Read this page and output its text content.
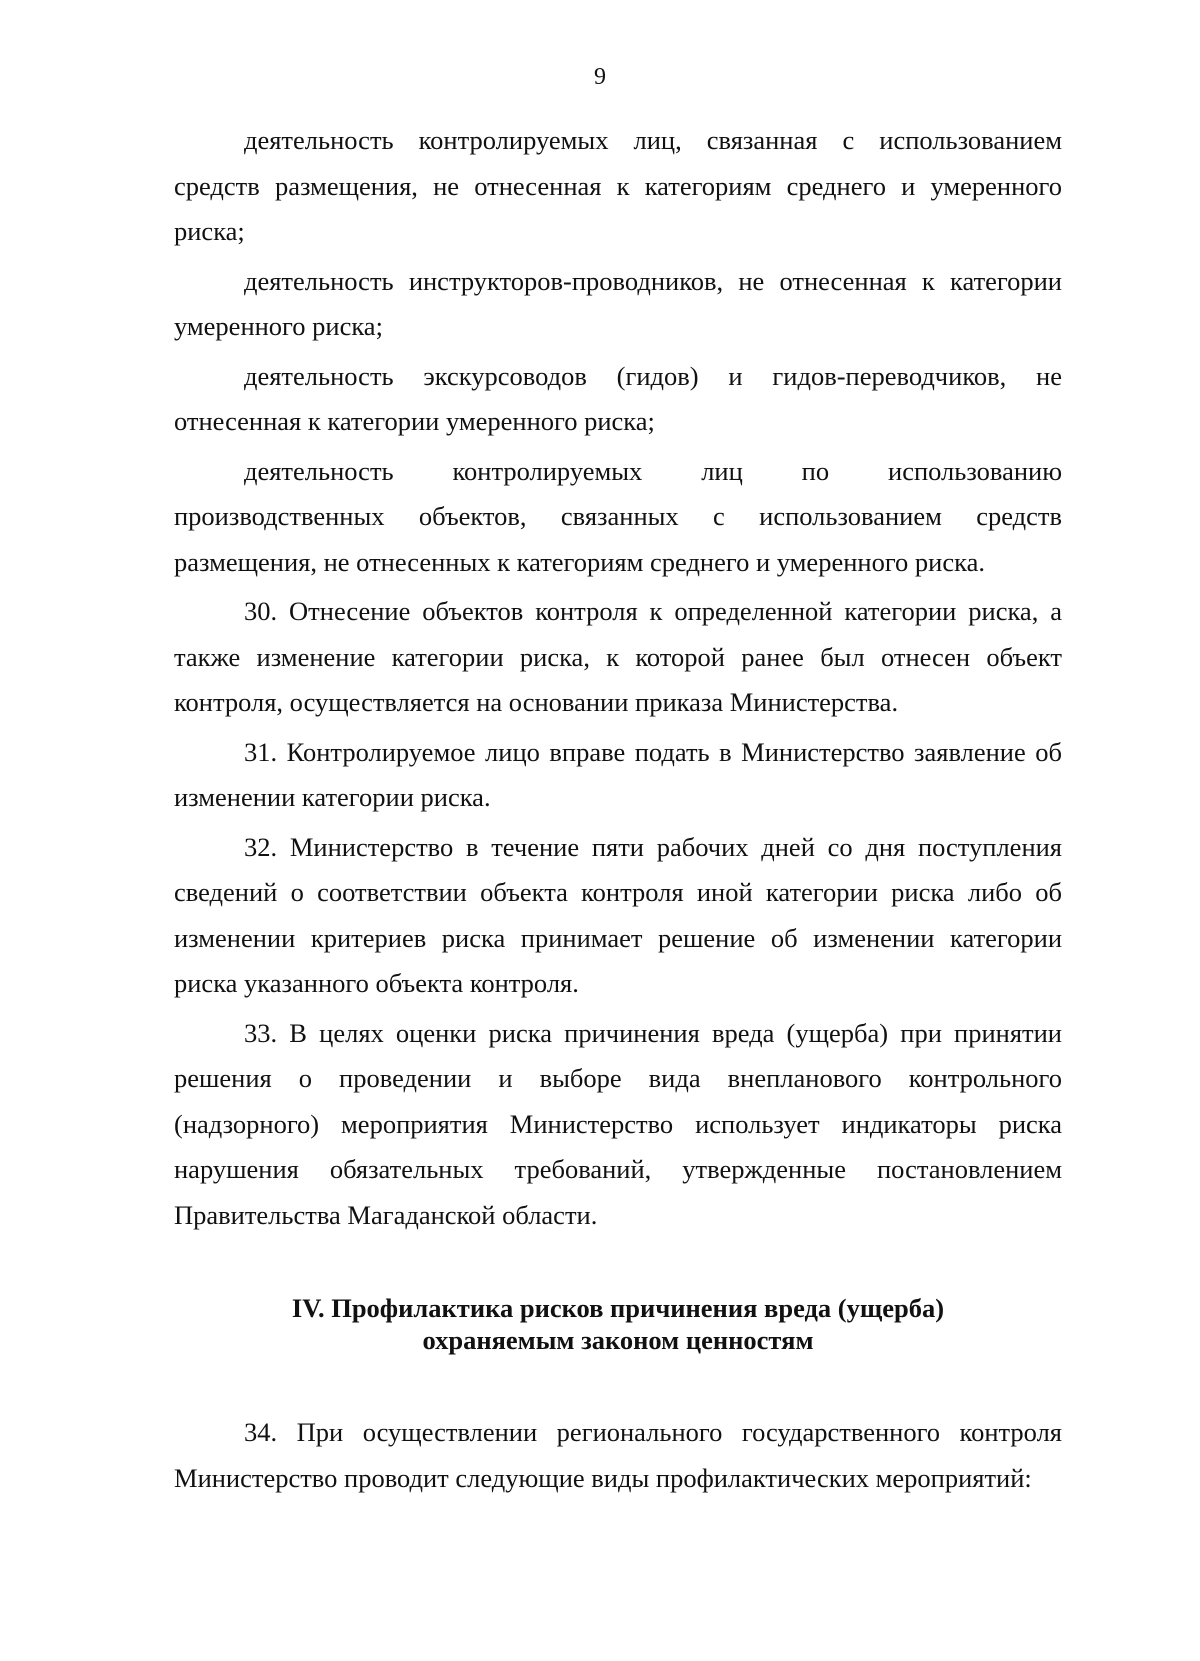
9

деятельность контролируемых лиц, связанная с использованием средств размещения, не отнесенная к категориям среднего и умеренного риска;

деятельность инструкторов-проводников, не отнесенная к категории умеренного риска;

деятельность экскурсоводов (гидов) и гидов-переводчиков, не отнесенная к категории умеренного риска;

деятельность контролируемых лиц по использованию производственных объектов, связанных с использованием средств размещения, не отнесенных к категориям среднего и умеренного риска.

30. Отнесение объектов контроля к определенной категории риска, а также изменение категории риска, к которой ранее был отнесен объект контроля, осуществляется на основании приказа Министерства.

31. Контролируемое лицо вправе подать в Министерство заявление об изменении категории риска.

32. Министерство в течение пяти рабочих дней со дня поступления сведений о соответствии объекта контроля иной категории риска либо об изменении критериев риска принимает решение об изменении категории риска указанного объекта контроля.

33. В целях оценки риска причинения вреда (ущерба) при принятии решения о проведении и выборе вида внепланового контрольного (надзорного) мероприятия Министерство использует индикаторы риска нарушения обязательных требований, утвержденные постановлением Правительства Магаданской области.

IV. Профилактика рисков причинения вреда (ущерба)
охраняемым законом ценностям

34. При осуществлении регионального государственного контроля Министерство проводит следующие виды профилактических мероприятий:
